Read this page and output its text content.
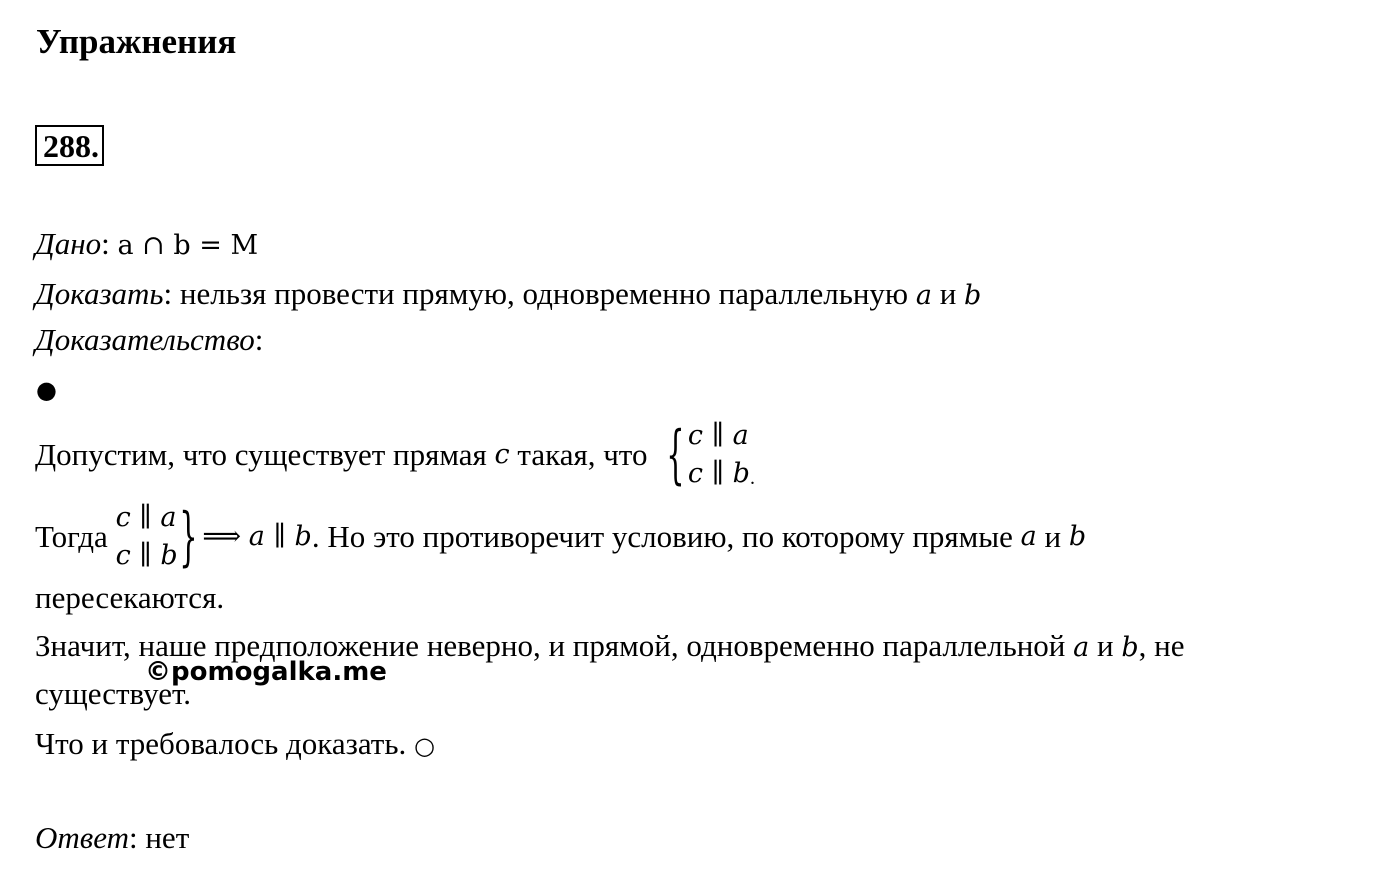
Упражнения
288.
Дано: a ∩ b = M
Доказать: нельзя провести прямую, одновременно параллельную a и b
Доказательство:
●
Допустим, что существует прямая
c
такая, что
{ c ∥ a
c ∥ b .
Тогда

c ∥ a
c ∥ b } ⟹
a ∥ b . Но это противоречит условию, по которому прямые
a
и
b
пересекаются.
Значит, наше предположение неверно, и прямой, одновременно параллельной a и b, не
существует.
©pomogalka.me
Что и требовалось доказать. ○
Ответ: нет
